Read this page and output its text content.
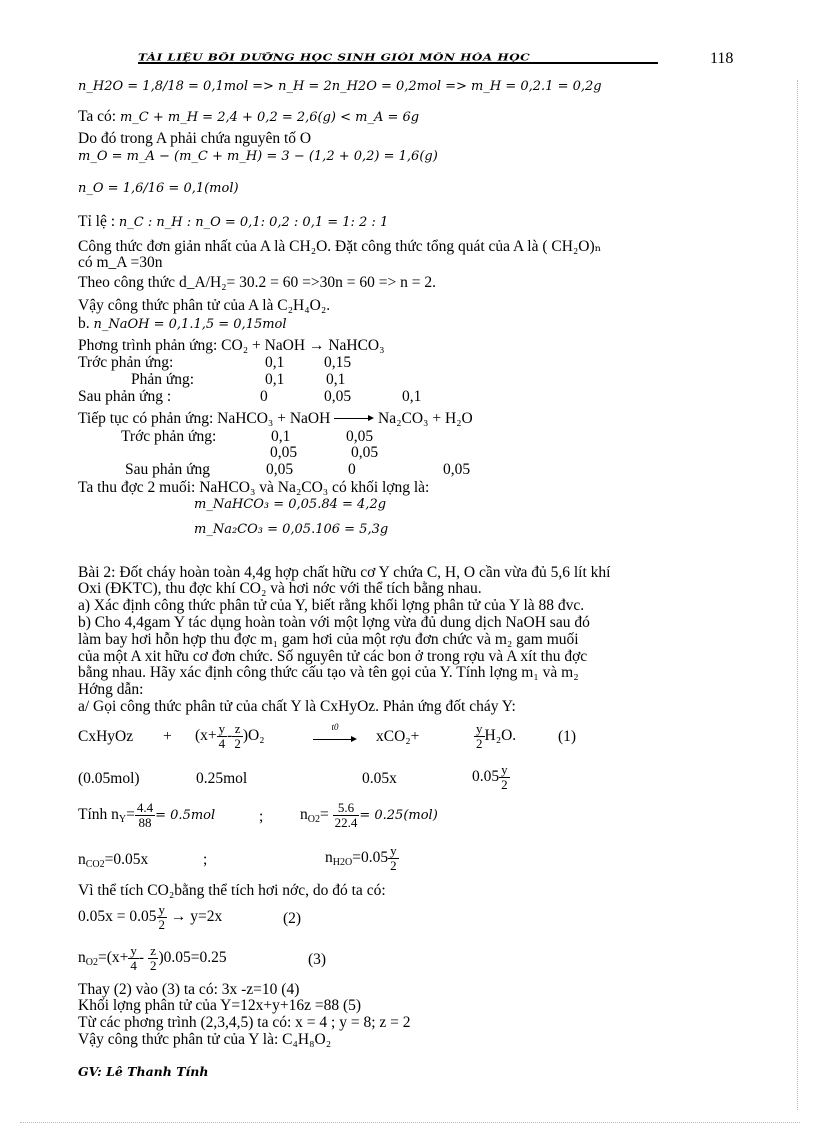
TÀI LIỆU BỒI DƯỠNG HỌC SINH GIỎI MÔN HÓA HỌC	118
n_H2O = 1,8/18 = 0,1mol => n_H = 2n_H2O = 0,2mol => m_H = 0,2.1 = 0,2g
Ta có: m_C + m_H = 2,4 + 0,2 = 2,6(g) < m_A = 6g
Do đó trong A phải chứa nguyên tố O
m_O = m_A − (m_C + m_H) = 3 − (1,2 + 0,2) = 1,6(g)
n_O = 1,6/16 = 0,1(mol)
Tỉ lệ : n_C : n_H : n_O = 0,1: 0,2 : 0,1 = 1: 2 : 1
Công thức đơn giản nhất của A là CH₂O. Đặt công thức tổng quát của A là ( CH₂O)ₙ
có m_A =30n
Theo công thức d_A/H₂= 30.2 = 60 =>30n = 60 => n = 2.
Vậy công thức phân tử của A là C₂H₄O₂.
b. n_NaOH = 0,1.1,5 = 0,15mol
Phơng trình phản ứng: CO₂ + NaOH → NaHCO₃
Trớc phản ứng:	0,1	0,15
Phản ứng:	0,1	0,1
Sau phản ứng :	0	0,05	0,1
Tiếp tục có phản ứng: NaHCO₃ + NaOH	Na₂CO₃ + H₂O
Trớc phản ứng:	0,1	0,05
0,05	0,05
Sau phản ứng	0,05	0	0,05
Ta thu đợc 2 muối: NaHCO₃ và Na₂CO₃ có khối lợng là:
m_NaHCO₃ = 0,05.84 = 4,2g
m_Na₂CO₃ = 0,05.106 = 5,3g
Bài 2: Đốt cháy hoàn toàn 4,4g hợp chất hữu cơ Y chứa C, H, O cần vừa đủ 5,6 lít khí
Oxi (ĐKTC), thu đợc khí CO₂ và hơi nớc với thể tích bằng nhau.
a) Xác định công thức phân tử của Y, biết rằng khối lợng phân tử của Y là 88 đvc.
b) Cho 4,4gam Y tác dụng hoàn toàn với một lợng vừa đủ dung dịch NaOH sau đó
làm bay hơi hỗn hợp thu đợc m₁ gam hơi của một rợu đơn chức và m₂ gam muối
của một A xit hữu cơ đơn chức. Số nguyên tử các bon ở trong rợu và A xít thu đợc
bằng nhau. Hãy xác định công thức cấu tạo và tên gọi của Y. Tính lợng m₁ và m₂
Hớng dẫn:
a/ Gọi công thức phân tử của chất Y là CxHyOz. Phản ứng đốt cháy Y:
CxHyOz + $(x+ \frac{y}{4} - \frac{z}{2} )O_2$	t0
xCO₂+	$\frac{y}{2} H_2O$.	(1)
(0.05mol)	0.25mol	0.05x	$0.05 \frac{y}{2}$
Tính $n_Y= \frac{4.4}{88} = 0.5mol$	; $n_{O2}= \frac{5.6}{22.4} = 0.25(mol)$
$n_{CO2}=0.05x$	;	$n_{H2O}=0.05 \frac{y}{2}$
Vì thể tích CO₂bằng thể tích hơi nớc, do đó ta có:
$0.05x = 0.05 \frac{y}{2} \to y=2x$	(2)
$n_{O2}=(x+ \frac{y}{4} - \frac{z}{2} )0.05=0.25$	(3)
Thay (2) vào (3) ta có: 3x -z=10 (4)
Khối lợng phân tử của Y=12x+y+16z =88 (5)
Từ các phơng trình (2,3,4,5) ta có: x = 4 ; y = 8; z = 2
Vậy công thức phân tử của Y là: C₄H₈O₂
GV: Lê Thanh Tính
